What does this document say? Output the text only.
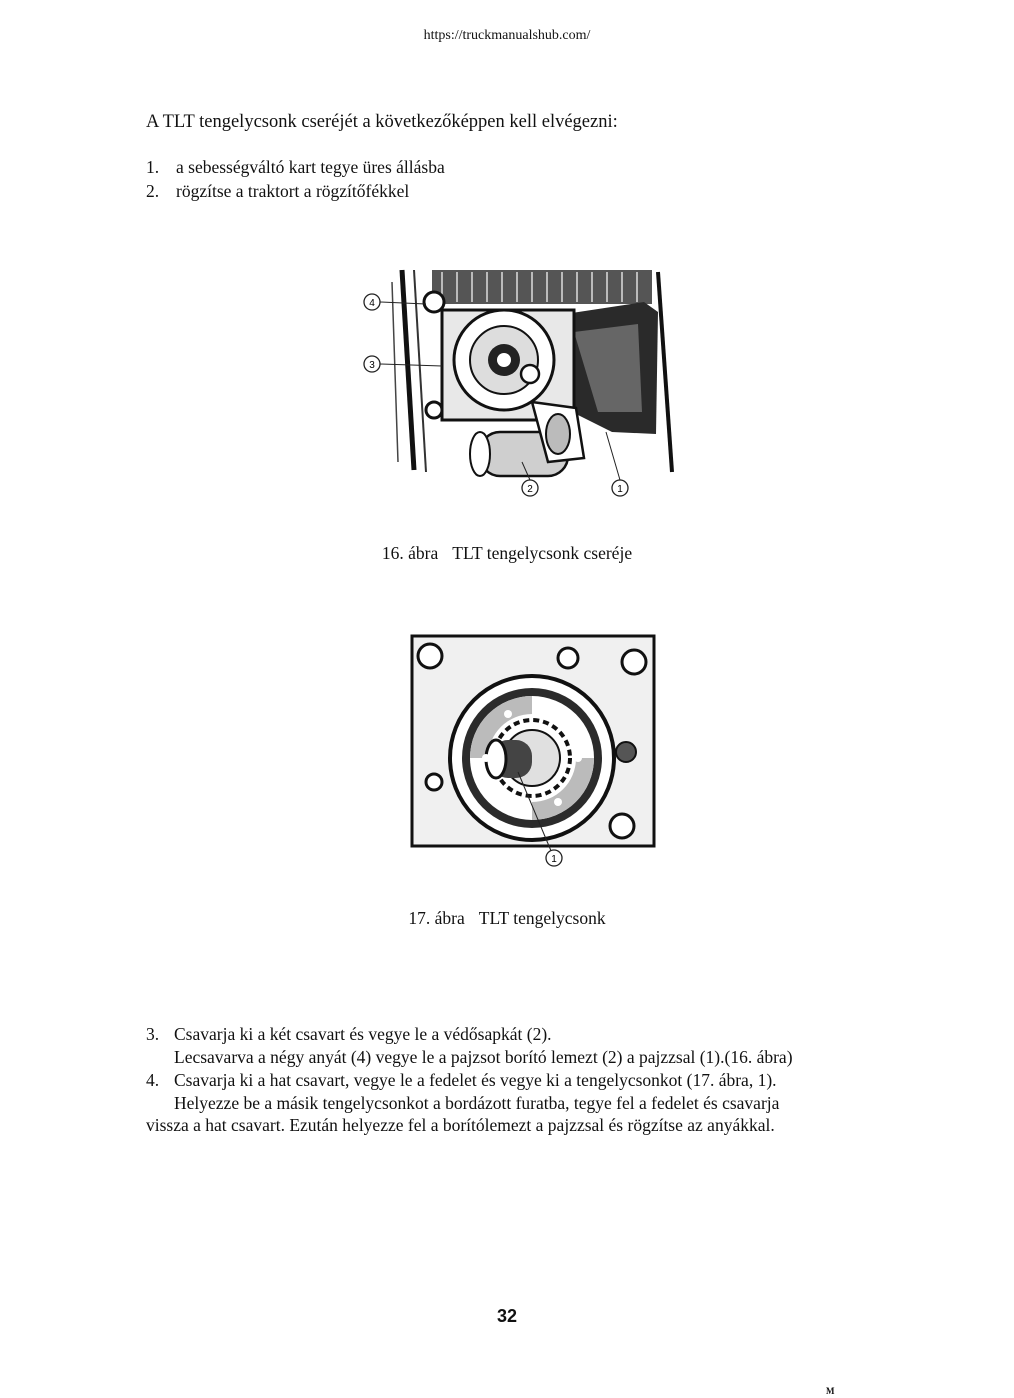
https://truckmanualshub.com/
A TLT tengelycsonk cseréjét a következőképpen kell elvégezni:
1. a sebességváltó kart tegye üres állásba
2. rögzítse a traktort a rögzítőfékkel
4
3
2	1
16. ábra TLT tengelycsonk cseréje
1
17. ábra TLT tengelycsonk
3. Csavarja ki a két csavart és vegye le a védősapkát (2).
Lecsavarva a négy anyát (4) vegye le a pajzsot borító lemezt (2) a pajzzsal (1).(16. ábra)
4. Csavarja ki a hat csavart, vegye le a fedelet és vegye ki a tengelycsonkot (17. ábra, 1).
Helyezze be a másik tengelycsonkot a bordázott furatba, tegye fel a fedelet és csavarja
vissza a hat csavart. Ezután helyezze fel a borítólemezt a pajzzsal és rögzítse az anyákkal.
32
M
